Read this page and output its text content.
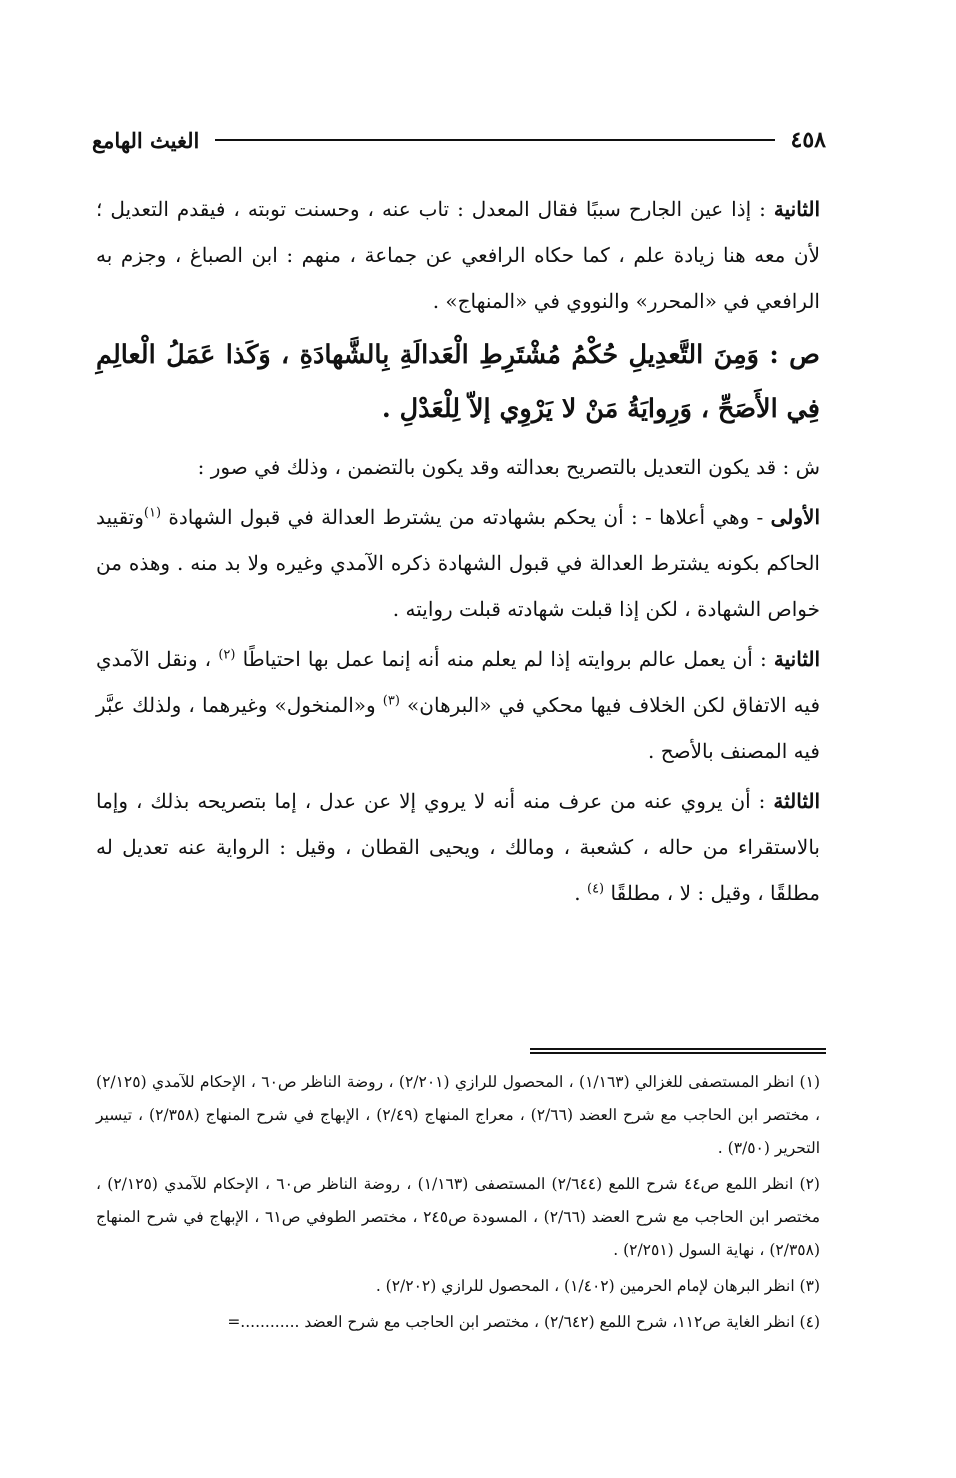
٤٥٨
الغيث الهامع

الثانية : إذا عين الجارح سببًا فقال المعدل : تاب عنه ، وحسنت توبته ، فيقدم التعديل ؛ لأن معه هنا زيادة علم ، كما حكاه الرافعي عن جماعة ، منهم : ابن الصباغ ، وجزم به الرافعي في «المحرر» والنووي في «المنهاج» .

ص : وَمِنَ التَّعدِيلِ حُكْمُ مُشْتَرِطِ الْعَدالَةِ بِالشَّهادَةِ ، وَكَذا عَمَلُ الْعالِمِ فِي الأَصَحِّ ، وَرِوايَةُ مَنْ لا يَرْوِي إلاّ لِلْعَدْلِ .

ش : قد يكون التعديل بالتصريح بعدالته وقد يكون بالتضمن ، وذلك في صور :

الأولى - وهي أعلاها - : أن يحكم بشهادته من يشترط العدالة في قبول الشهادة $^{(١)}$وتقييد الحاكم بكونه يشترط العدالة في قبول الشهادة ذكره الآمدي وغيره ولا بد منه . وهذه من خواص الشهادة ، لكن إذا قبلت شهادته قبلت روايته .

الثانية : أن يعمل عالم بروايته إذا لم يعلم منه أنه إنما عمل بها احتياطًا $^{(٢)}$ ، ونقل الآمدي فيه الاتفاق لكن الخلاف فيها محكي في «البرهان» $^{(٣)}$ و«المنخول» وغيرهما ، ولذلك عبَّر فيه المصنف بالأصح .

الثالثة : أن يروي عنه من عرف منه أنه لا يروي إلا عن عدل ، إما بتصريحه بذلك ، وإما بالاستقراء من حاله ، كشعبة ، ومالك ، ويحيى القطان ، وقيل : الرواية عنه تعديل له مطلقًا ، وقيل : لا ، مطلقًا $^{(٤)}$ .

(١) انظر المستصفى للغزالي (١/١٦٣) ، المحصول للرازي (٢/٢٠١) ، روضة الناظر ص٦٠ ، الإحكام للآمدي (٢/١٢٥) ، مختصر ابن الحاجب مع شرح العضد (٢/٦٦) ، معراج المنهاج (٢/٤٩) ، الإبهاج في شرح المنهاج (٢/٣٥٨) ، تيسير التحرير (٣/٥٠) .

(٢) انظر اللمع ص٤٤ شرح اللمع (٢/٦٤٤) المستصفى (١/١٦٣) ، روضة الناظر ص٦٠ ، الإحكام للآمدي (٢/١٢٥) ، مختصر ابن الحاجب مع شرح العضد (٢/٦٦) ، المسودة ص٢٤٥ ، مختصر الطوفي ص٦١ ، الإبهاج في شرح المنهاج (٢/٣٥٨) ، نهاية السول (٢/٢٥١) .

(٣) انظر البرهان لإمام الحرمين (١/٤٠٢) ، المحصول للرازي (٢/٢٠٢) .

(٤) انظر الغاية ص١١٢، شرح اللمع (٢/٦٤٢) ، مختصر ابن الحاجب مع شرح العضد ............=
